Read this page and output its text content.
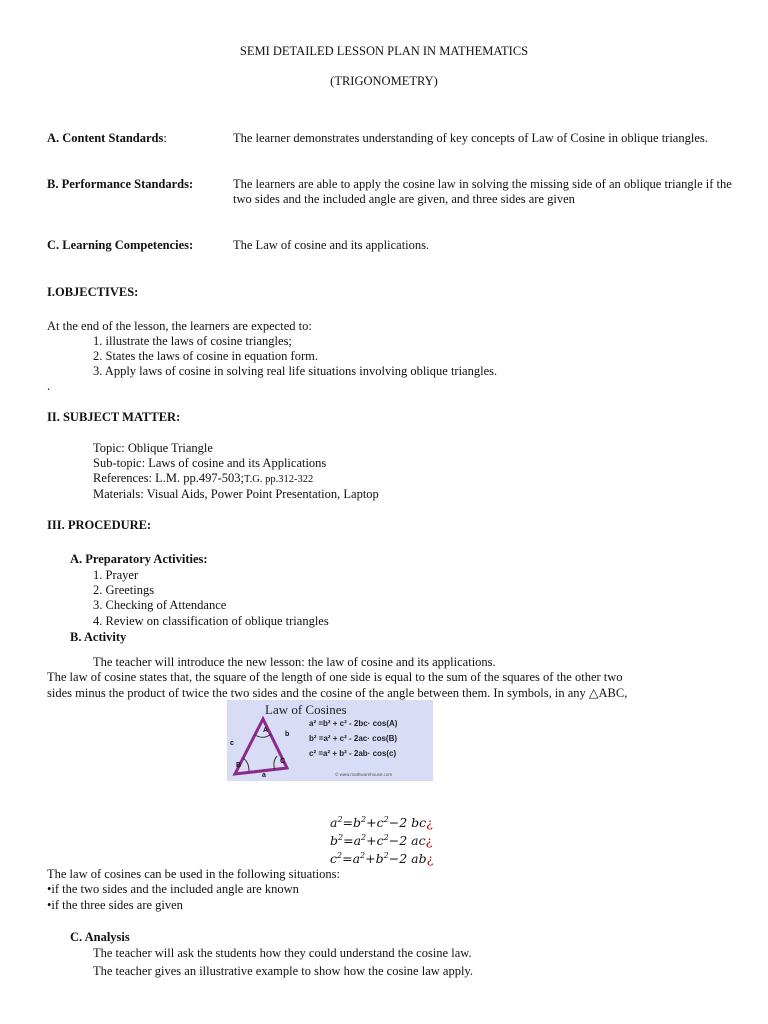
SEMI DETAILED LESSON PLAN IN MATHEMATICS
(TRIGONOMETRY)
A. Content Standards:	The learner demonstrates understanding of key concepts of Law of Cosine in oblique triangles.
B. Performance Standards:	The learners are able to apply the cosine law in solving the missing side of an oblique triangle if the two sides and the included angle are given, and three sides are given
C. Learning Competencies:	The Law of cosine and its applications.
I.OBJECTIVES:
At the end of the lesson, the learners are expected to:
1. illustrate the laws of cosine triangles;
2. States the laws of cosine in equation form.
3. Apply laws of cosine in solving real life situations involving oblique triangles.
.
II. SUBJECT MATTER:
Topic: Oblique Triangle
Sub-topic: Laws of cosine and its Applications
References: L.M. pp.497-503;T.G. pp.312-322
Materials: Visual Aids, Power Point Presentation, Laptop
III. PROCEDURE:
A. Preparatory Activities:
1. Prayer
2. Greetings
3. Checking of Attendance
4. Review on classification of oblique triangles
B. Activity
The teacher will introduce the new lesson: the law of cosine and its applications.
The law of cosine states that, the square of the length of one side is equal to the sum of the squares of the other two
sides minus the product of twice the two sides and the cosine of the angle between them. In symbols, in any △ABC,
Law of Cosines
A
B
C
b
c
a
a² =b² + c² - 2bc· cos(A)
b² =a² + c² - 2ac· cos(B)
c² =a² + b² - 2ab· cos(c)
© www.mathwarehouse.com
$a^2=b^2+c^2-2$ bc¿
$b^2=a^2+c^2-2$ ac¿
$c^2=a^2+b^2-2$ ab¿
The law of cosines can be used in the following situations:
•if the two sides and the included angle are known
•if the three sides are given
C. Analysis
The teacher will ask the students how they could understand the cosine law.
The teacher gives an illustrative example to show how the cosine law apply.
